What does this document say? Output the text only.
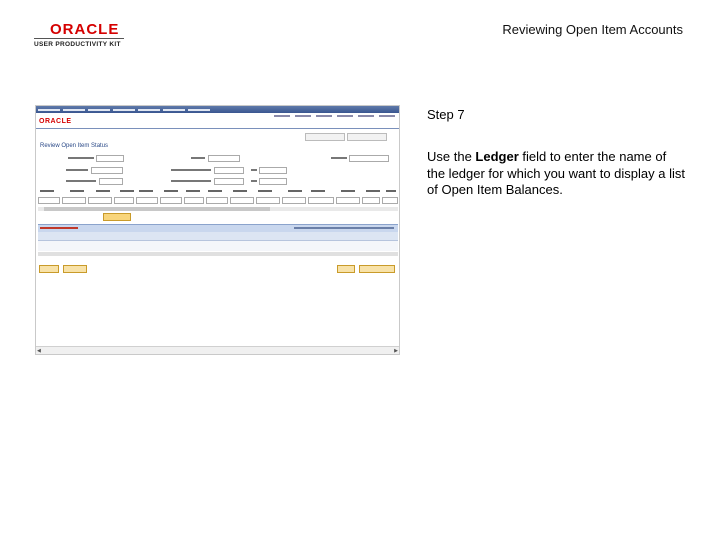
ORACLE
USER PRODUCTIVITY KIT
Reviewing Open Item Accounts
ORACLE
Review Open Item Status
◀	▶
Step 7
Use the Ledger field to enter the name of the ledger for which you want to display a list of Open Item Balances.
